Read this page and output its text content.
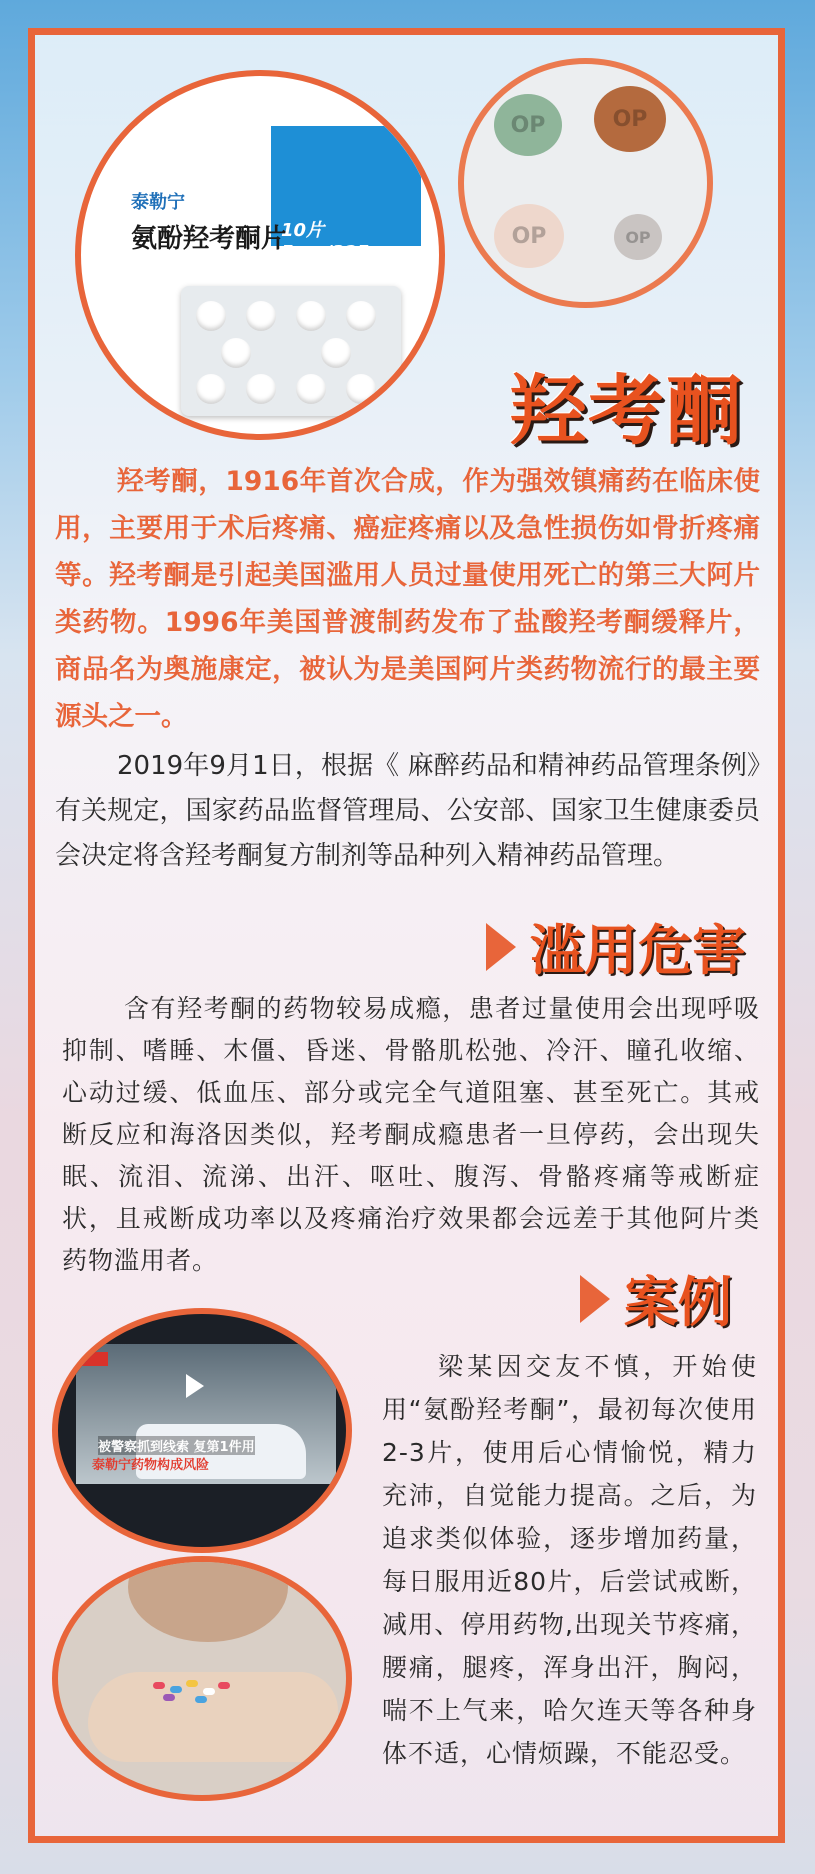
泰勒宁
氨酚羟考酮片
10片 5mg/325mg
OP	OP
OP	OP
羟考酮

羟考酮，1916年首次合成，作为强效镇痛药在临床使用，主要用于术后疼痛、癌症疼痛以及急性损伤如骨折疼痛等。羟考酮是引起美国滥用人员过量使用死亡的第三大阿片类药物。1996年美国普渡制药发布了盐酸羟考酮缓释片，商品名为奥施康定，被认为是美国阿片类药物流行的最主要源头之一。

2019年9月1日，根据《 麻醉药品和精神药品管理条例》有关规定，国家药品监督管理局、公安部、国家卫生健康委员会决定将含羟考酮复方制剂等品种列入精神药品管理。

滥用危害

含有羟考酮的药物较易成瘾，患者过量使用会出现呼吸抑制、嗜睡、木僵、昏迷、骨骼肌松弛、冷汗、瞳孔收缩、心动过缓、低血压、部分或完全气道阻塞、甚至死亡。其戒断反应和海洛因类似，羟考酮成瘾患者一旦停药，会出现失眠、流泪、流涕、出汗、呕吐、腹泻、骨骼疼痛等戒断症状，且戒断成功率以及疼痛治疗效果都会远差于其他阿片类药物滥用者。

案例
被警察抓到线索 复第1件用
泰勒宁药物构成风险

梁某因交友不慎，开始使用“氨酚羟考酮”，最初每次使用2-3片，使用后心情愉悦，精力充沛，自觉能力提高。之后，为追求类似体验，逐步增加药量，每日服用近80片，后尝试戒断，减用、停用药物,出现关节疼痛，腰痛，腿疼，浑身出汗，胸闷，喘不上气来，哈欠连天等各种身体不适，心情烦躁，不能忍受。
